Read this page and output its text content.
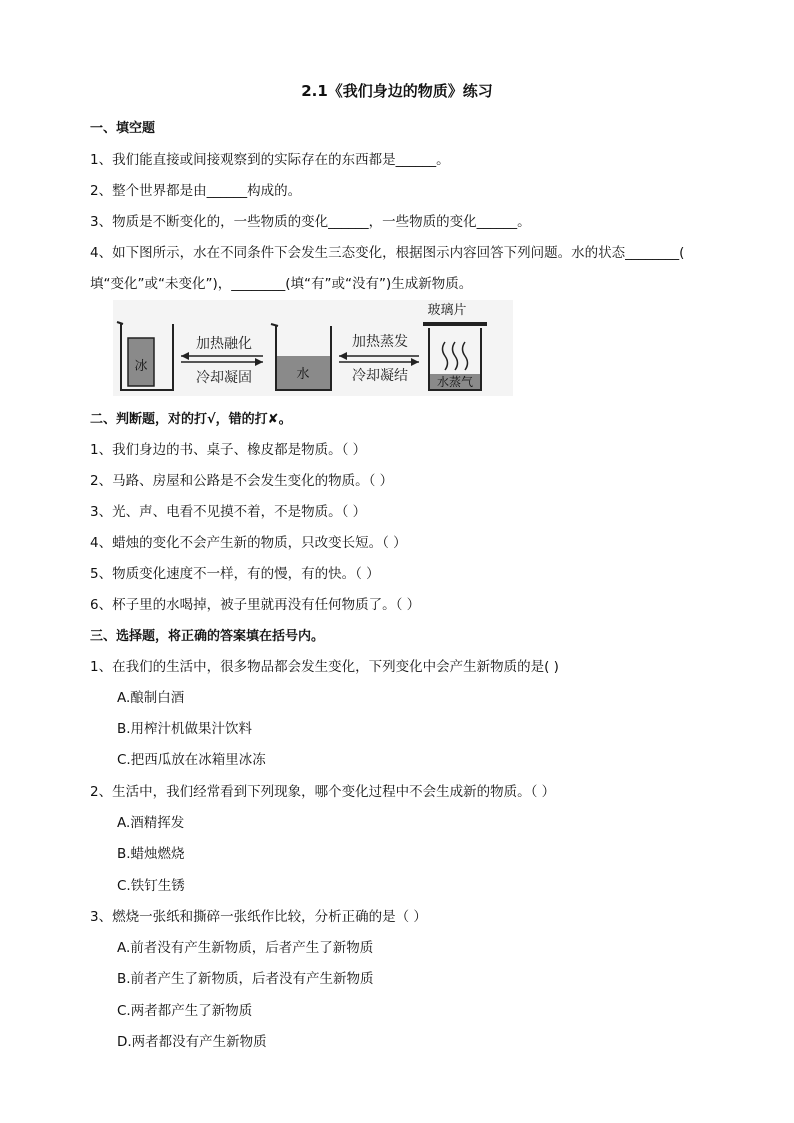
2.1《我们身边的物质》练习
一、填空题
1、我们能直接或间接观察到的实际存在的东西都是______。
2、整个世界都是由______构成的。
3、物质是不断变化的，一些物质的变化______，一些物质的变化______。
4、如下图所示，水在不同条件下会发生三态变化，根据图示内容回答下列问题。水的状态________(
填“变化”或“未变化”)，________(填“有”或“没有”)生成新物质。
冰
加热融化
冷却凝固	水
加热蒸发
冷却凝结
玻璃片
水蒸气
二、判断题，对的打√，错的打✘。
1、我们身边的书、桌子、橡皮都是物质。（ ）
2、马路、房屋和公路是不会发生变化的物质。（ ）
3、光、声、电看不见摸不着，不是物质。（ ）
4、蜡烛的变化不会产生新的物质，只改变长短。（ ）
5、物质变化速度不一样，有的慢，有的快。（ ）
6、杯子里的水喝掉，被子里就再没有任何物质了。（ ）
三、选择题，将正确的答案填在括号内。
1、在我们的生活中，很多物品都会发生变化，下列变化中会产生新物质的是( )
A.酿制白酒
B.用榨汁机做果汁饮料
C.把西瓜放在冰箱里冰冻
2、生活中，我们经常看到下列现象，哪个变化过程中不会生成新的物质。（ ）
A.酒精挥发
B.蜡烛燃烧
C.铁钉生锈
3、燃烧一张纸和撕碎一张纸作比较，分析正确的是（ ）
A.前者没有产生新物质，后者产生了新物质
B.前者产生了新物质，后者没有产生新物质
C.两者都产生了新物质
D.两者都没有产生新物质
